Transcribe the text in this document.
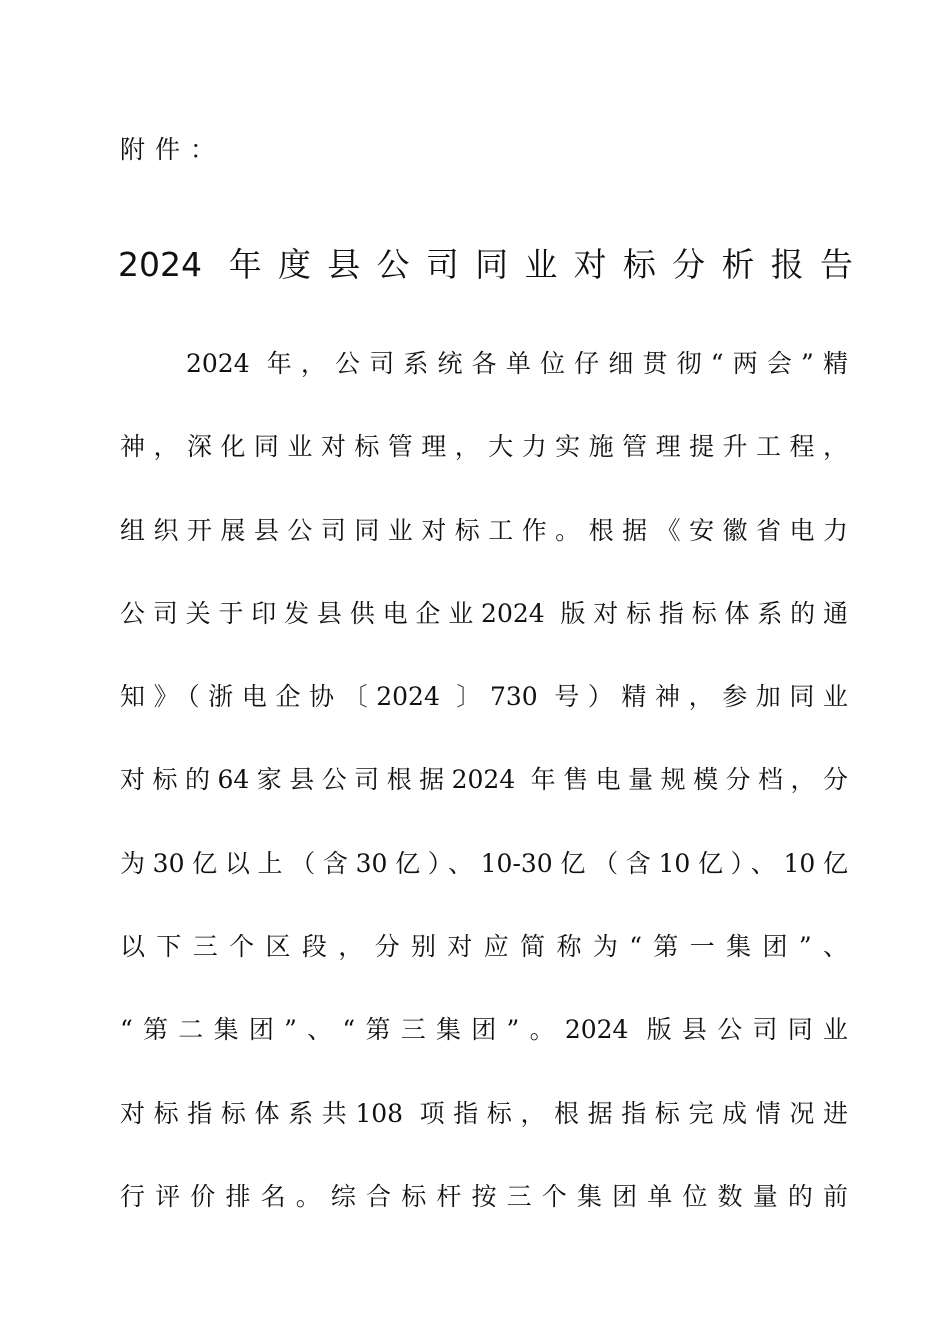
附件：
2024 年度县公司同业对标分析报告
2024 年，公司系统各单位仔细贯彻“两会”精
神，深化同业对标管理，大力实施管理提升工程，
组织开展县公司同业对标工作。根据《安徽省电力
公司关于印发县供电企业2024 版对标指标体系的通
知》（浙电企协〔2024 〕730 号）精神，参加同业
对标的64家县公司根据2024 年售电量规模分档，分
为30亿以上（含30亿）、10-30亿（含10亿）、10亿
以下三个区段，分别对应简称为“第一集团”、
“第二集团”、“第三集团”。2024 版县公司同业
对标指标体系共108 项指标，根据指标完成情况进
行评价排名。综合标杆按三个集团单位数量的前
